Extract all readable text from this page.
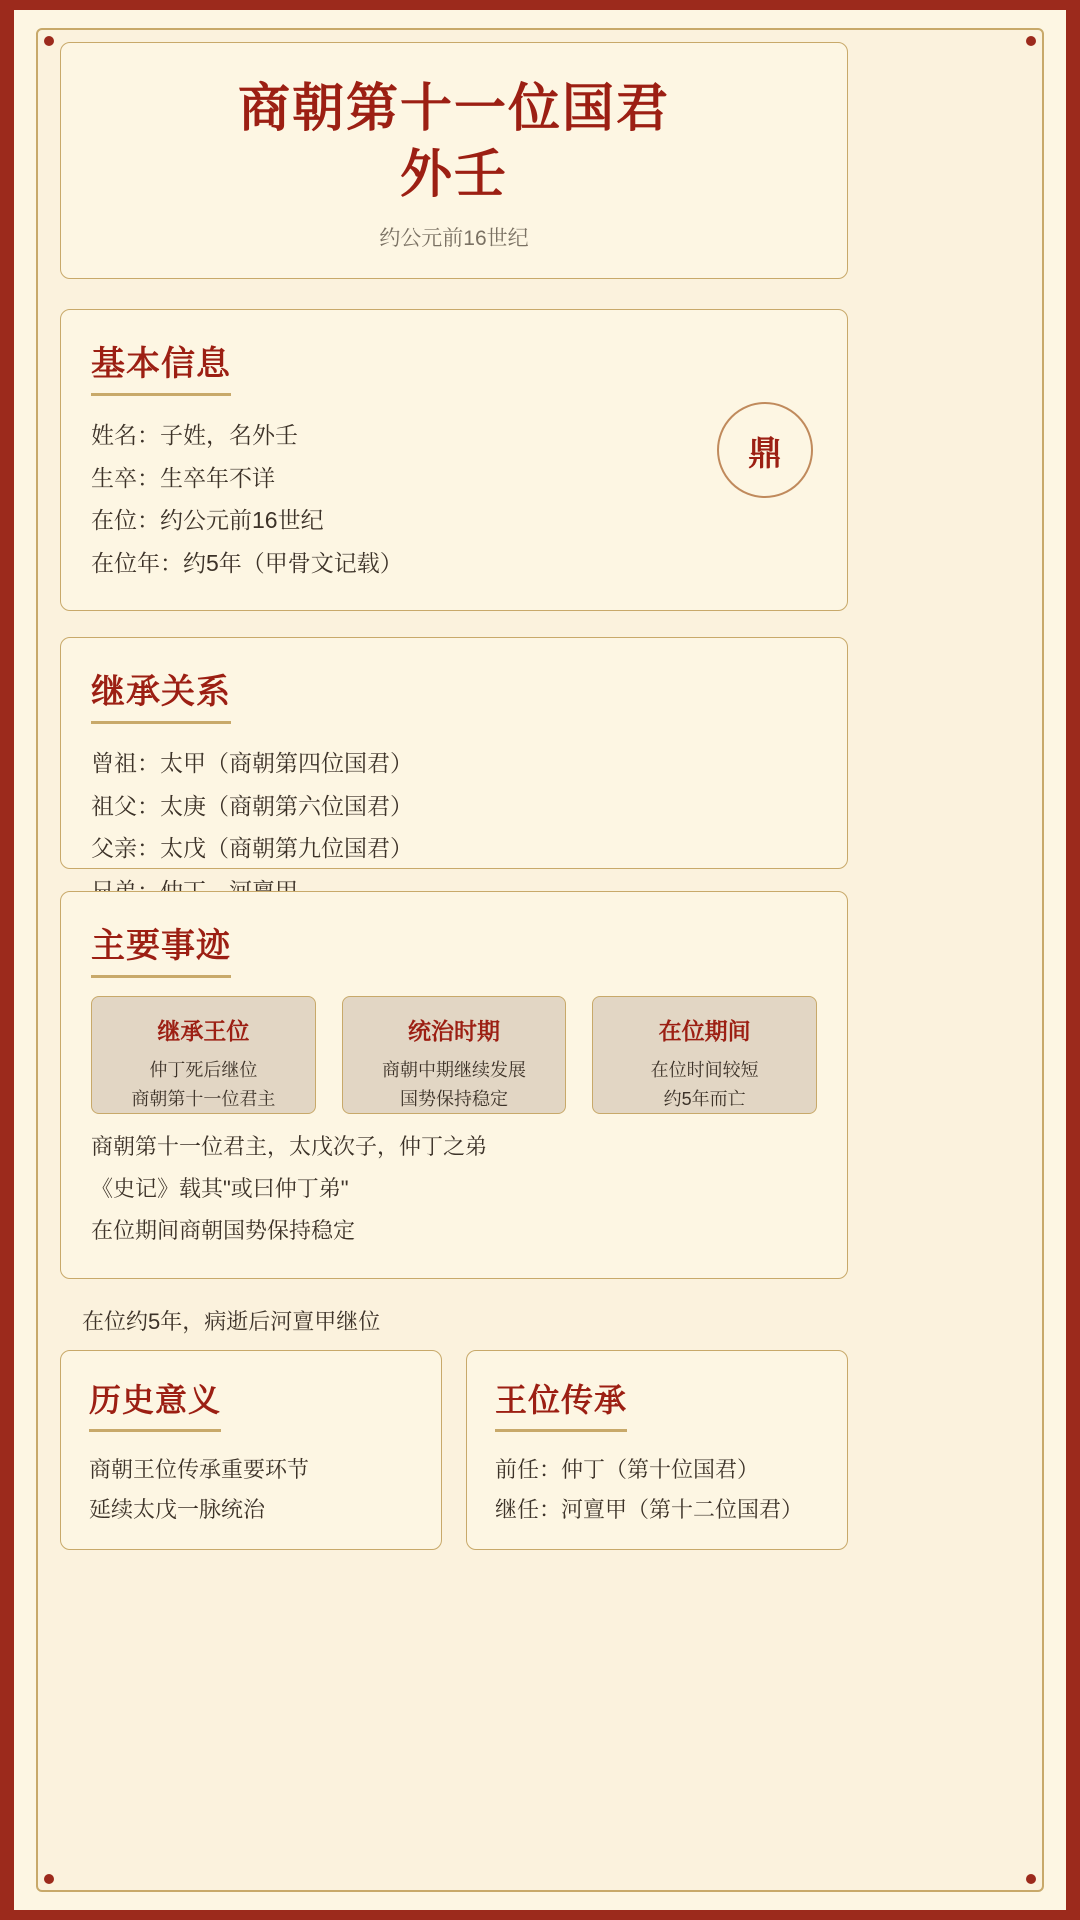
商朝第十一位国君
外壬
约公元前16世纪
基本信息
鼎
姓名：子姓，名外壬
生卒：生卒年不详
在位：约公元前16世纪
在位年：约5年（甲骨文记载）
继承关系
曾祖：太甲（商朝第四位国君）
祖父：太庚（商朝第六位国君）
父亲：太戊（商朝第九位国君）
主要事迹
继承王位
仲丁死后继位
商朝第十一位君主
统治时期
商朝中期继续发展
国势保持稳定
在位期间
在位时间较短
约5年而亡
商朝第十一位君主，太戊次子，仲丁之弟
《史记》载其"或曰仲丁弟"
在位期间商朝国势保持稳定
在位约5年，病逝后河亶甲继位
历史意义
商朝王位传承重要环节
延续太戊一脉统治
王位传承
前任：仲丁（第十位国君）
继任：河亶甲（第十二位国君）
